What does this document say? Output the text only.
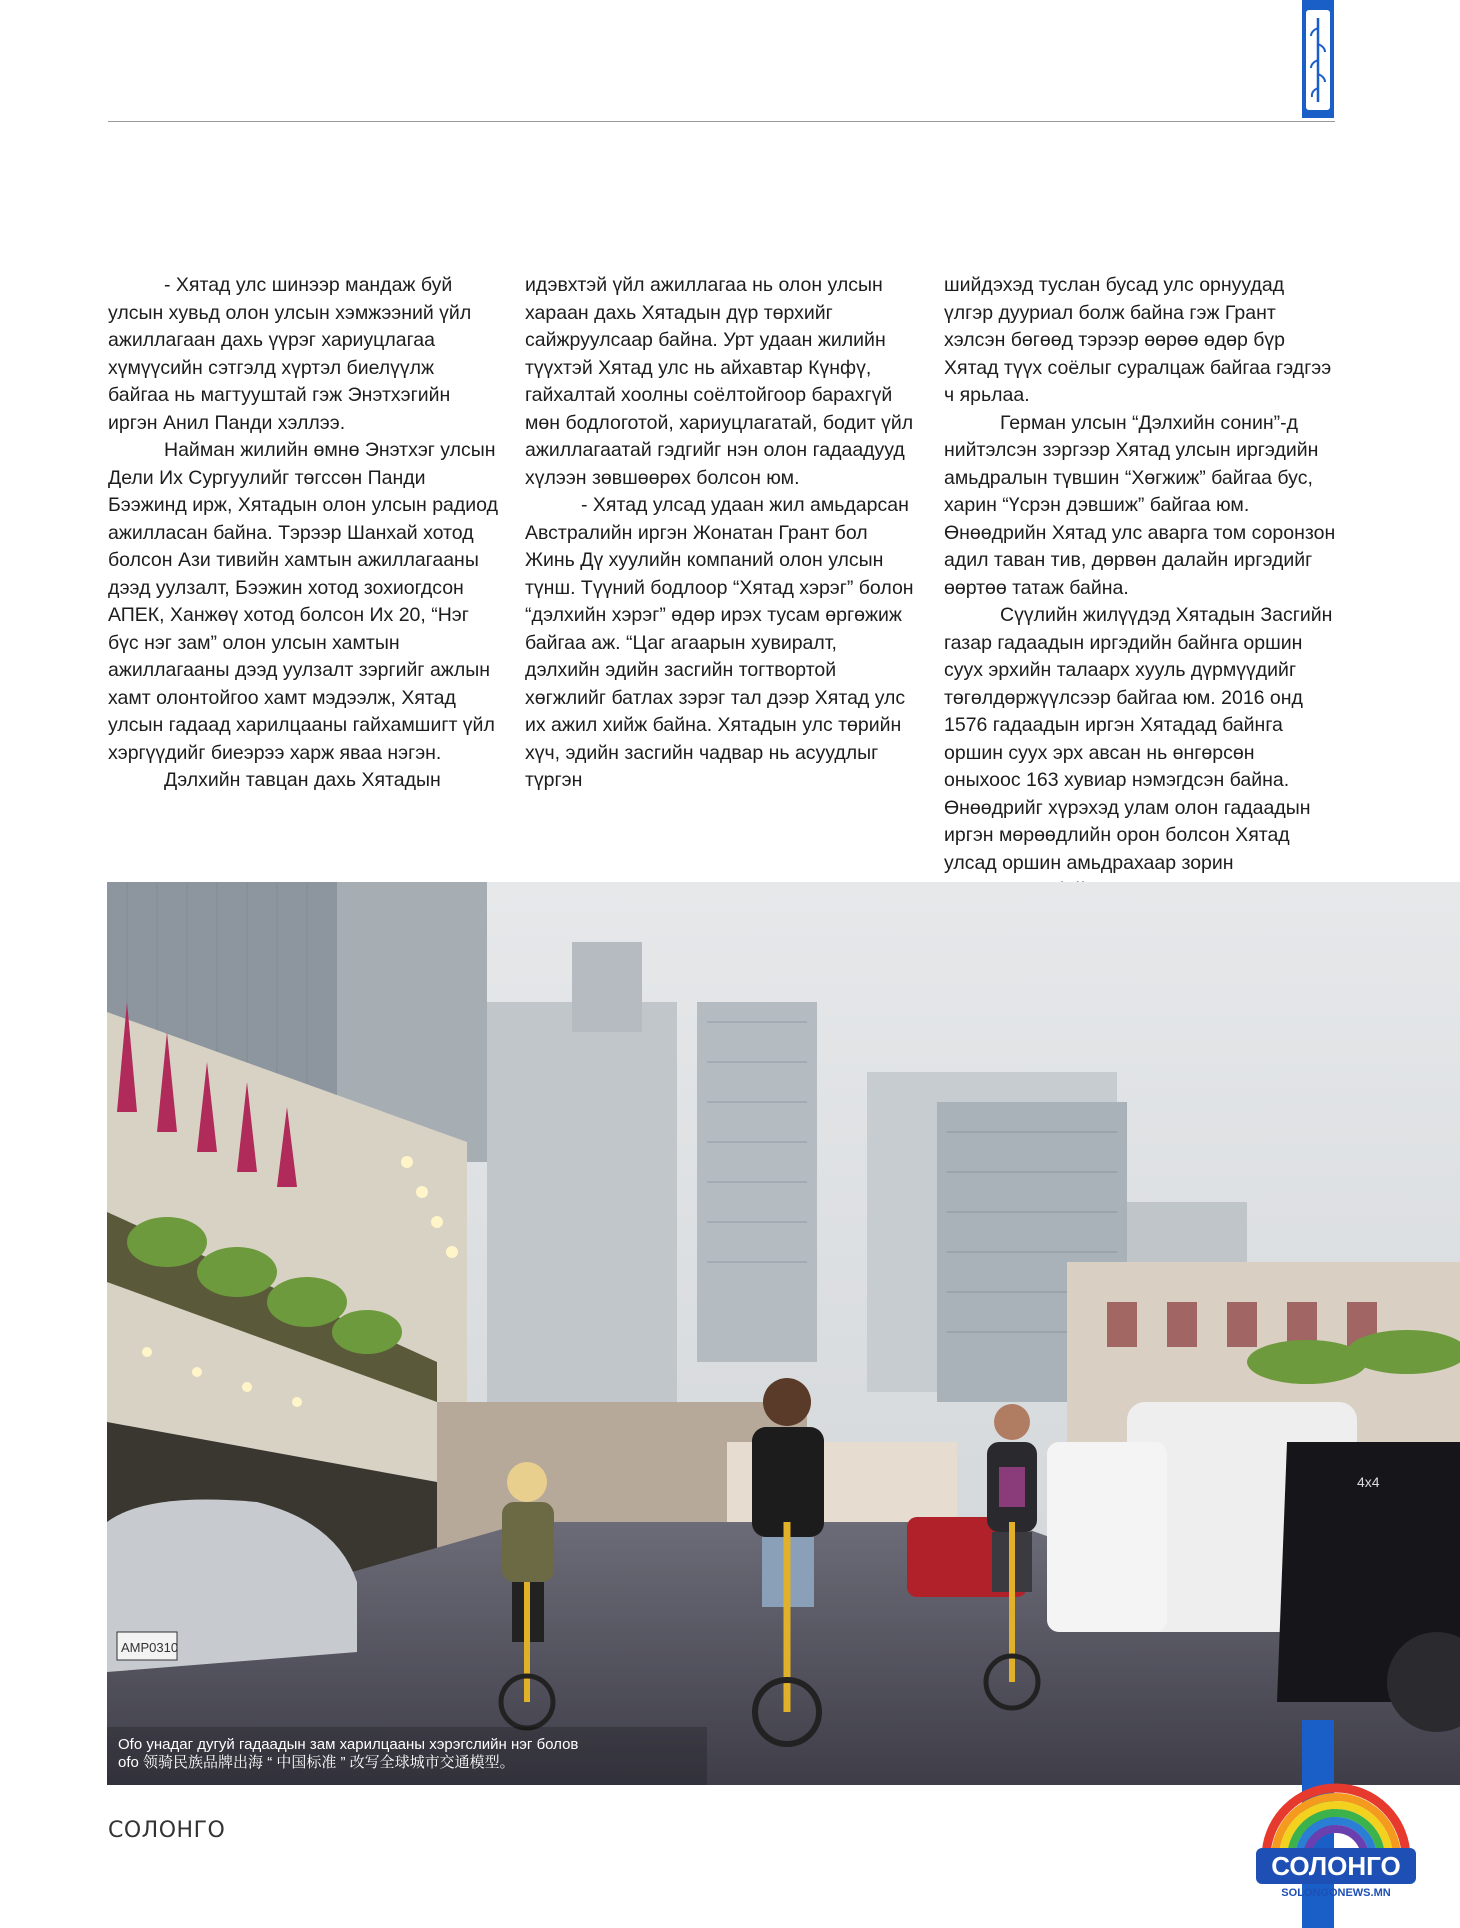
- Хятад улс шинээр мандаж буй улсын хувьд олон улсын хэмжээний үйл ажиллагаан дахь үүрэг хариуцлагаа хүмүүсийн сэтгэлд хүртэл биелүүлж байгаа нь магтууштай гэж Энэтхэгийн иргэн Анил Панди хэллээ.

Найман жилийн өмнө Энэтхэг улсын Дели Их Сургуулийг төгссөн Панди Бээжинд ирж, Хятадын олон улсын радиод ажилласан байна. Тэрээр Шанхай хотод болсон Ази тивийн хамтын ажиллагааны дээд уулзалт, Бээжин хотод зохиогдсон АПЕК, Ханжөү хотод болсон Их 20, “Нэг бүс нэг зам” олон улсын хамтын ажиллагааны дээд уулзалт зэргийг ажлын хамт олонтойгоо хамт мэдээлж, Хятад улсын гадаад харилцааны гайхамшигт үйл хэргүүдийг биеэрээ харж яваа нэгэн.

Дэлхийн тавцан дахь Хятадын

идэвхтэй үйл ажиллагаа нь олон улсын хараан дахь Хятадын дүр төрхийг сайжруулсаар байна. Урт удаан жилийн түүхтэй Хятад улс нь айхавтар Күнфү, гайхалтай хоолны соёлтойгоор барахгүй мөн бодлоготой, хариуцлагатай, бодит үйл ажиллагаатай гэдгийг нэн олон гадаадууд хүлээн зөвшөөрөх болсон юм.

- Хятад улсад удаан жил амьдарсан Австралийн иргэн Жонатан Грант бол Жинь Дү хуулийн компаний олон улсын түнш. Түүний бодлоор “Хятад хэрэг” болон “дэлхийн хэрэг” өдөр ирэх тусам өргөжиж байгаа аж. “Цаг агаарын хувиралт, дэлхийн эдийн засгийн тогтвортой хөгжлийг батлах зэрэг тал дээр Хятад улс их ажил хийж байна. Хятадын улс төрийн хүч, эдийн засгийн чадвар нь асуудлыг түргэн

шийдэхэд туслан бусад улс орнуудад үлгэр дууриал болж байна гэж Грант хэлсэн бөгөөд тэрээр өөрөө өдөр бүр Хятад түүх соёлыг суралцаж байгаа гэдгээ ч ярьлаа.

Герман улсын “Дэлхийн сонин”-д нийтэлсэн зэргээр Хятад улсын иргэдийн амьдралын түвшин “Хөгжиж” байгаа бус, харин “Үсрэн дэвшиж” байгаа юм. Өнөөдрийн Хятад улс аварга том соронзон адил таван тив, дөрвөн далайн иргэдийг өөртөө татаж байна.

Сүүлийн жилүүдэд Хятадын Засгийн газар гадаадын иргэдийн байнга оршин суух эрхийн талаарх хууль дүрмүүдийг төгөлдөржүүлсээр байгаа юм. 2016 онд 1576 гадаадын иргэн Хятадад байнга оршин суух эрх авсан нь өнгөрсөн оныхоос 163 хувиар нэмэгдсэн байна. Өнөөдрийг хүрэхэд улам олон гадаадын иргэн мөрөөдлийн орон болсон Хятад улсад оршин амьдрахаар зорин

AMP0310
4x4
Ofo унадаг дугуй гадаадын зам харилцааны хэрэгслийн нэг болов
ofo 领骑民族品牌出海 “ 中国标准 ” 改写全球城市交通模型。
СОЛОНГО
СОЛОНГО
SOLONGONEWS.MN
